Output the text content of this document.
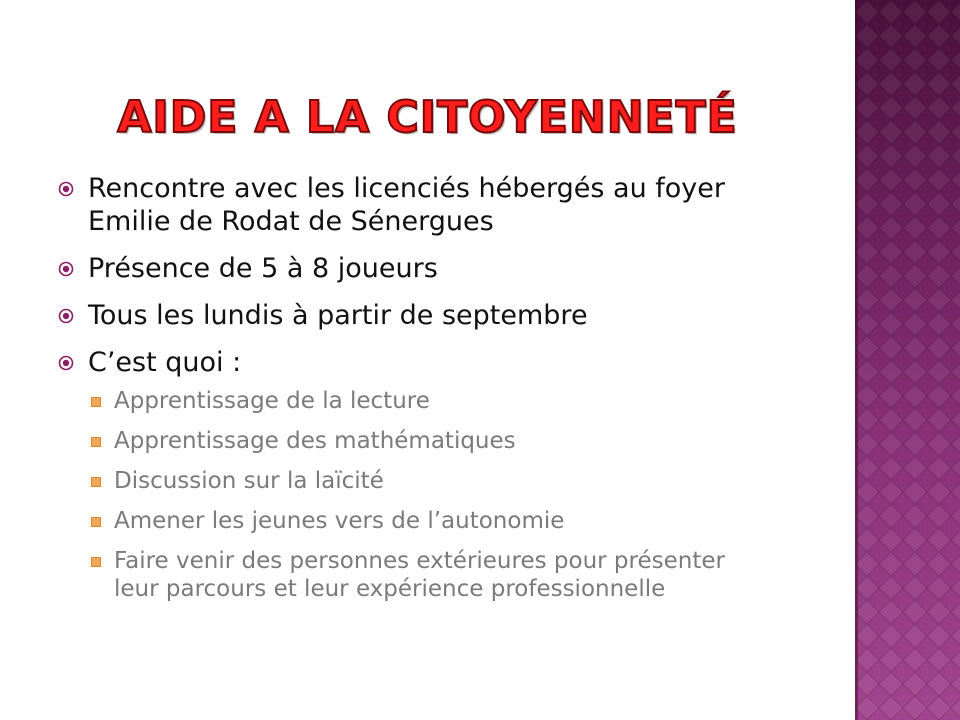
AIDE A LA CITOYENNETÉ
Rencontre avec les licenciés hébergés au foyer Emilie de Rodat de Sénergues
Présence de 5 à 8 joueurs
Tous les lundis à partir de septembre
C’est quoi :
Apprentissage de la lecture
Apprentissage des mathématiques
Discussion sur la laïcité
Amener les jeunes vers de l’autonomie
Faire venir des personnes extérieures pour présenter leur parcours et leur expérience professionnelle
